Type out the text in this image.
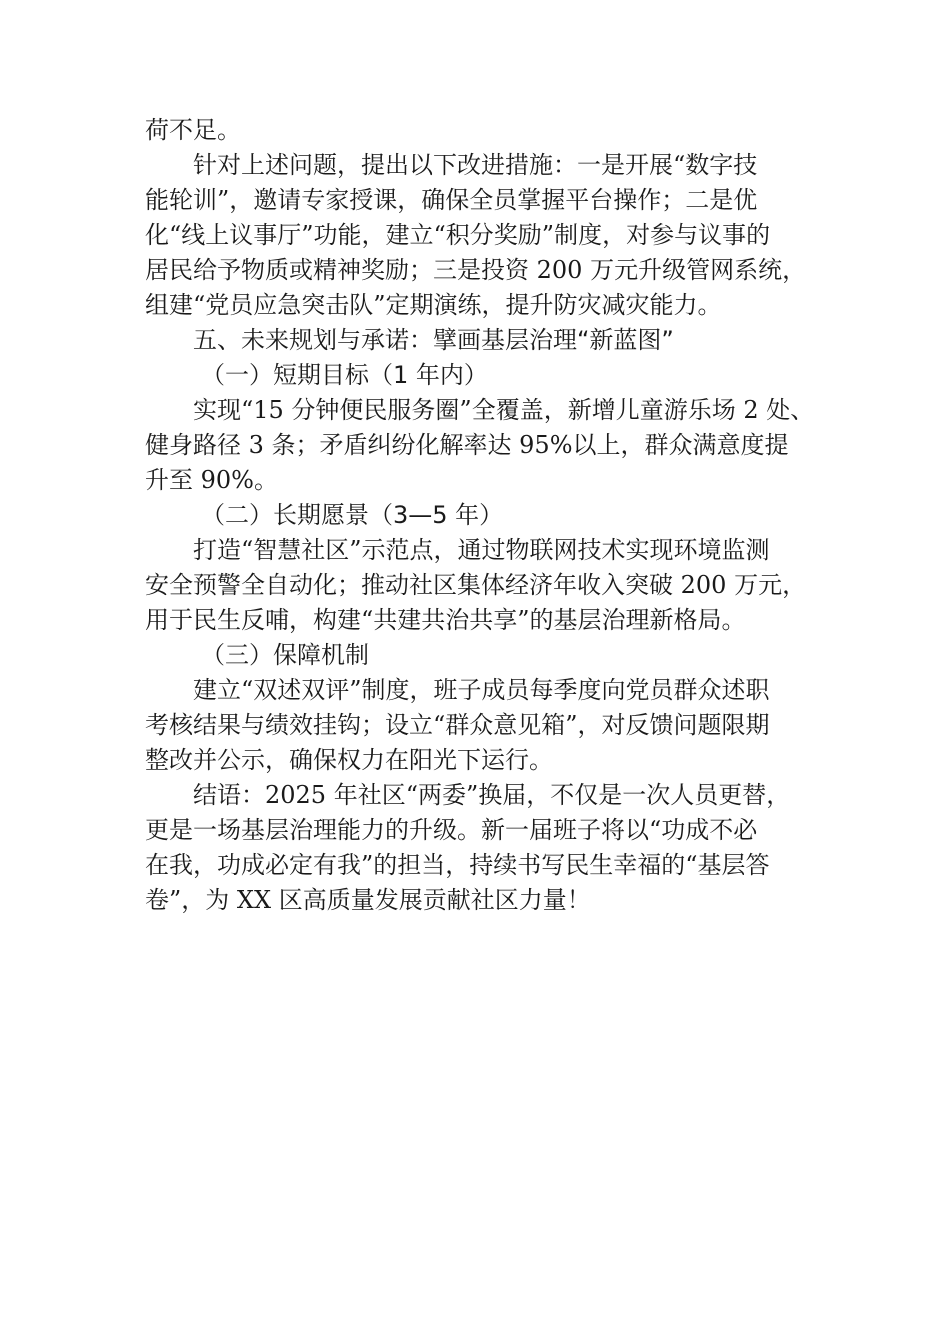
荷不足。

针对上述问题，提出以下改进措施：一是开展“数字技
能轮训”，邀请专家授课，确保全员掌握平台操作；二是优
化“线上议事厅”功能，建立“积分奖励”制度，对参与议事的
居民给予物质或精神奖励；三是投资 200 万元升级管网系统，
组建“党员应急突击队”定期演练，提升防灾减灾能力。

五、未来规划与承诺：擘画基层治理“新蓝图”

（一）短期目标（1 年内）

实现“15 分钟便民服务圈”全覆盖，新增儿童游乐场 2 处、
健身路径 3 条；矛盾纠纷化解率达 95%以上，群众满意度提
升至 90%。

（二）长期愿景（3—5 年）

打造“智慧社区”示范点，通过物联网技术实现环境监测
安全预警全自动化；推动社区集体经济年收入突破 200 万元，
用于民生反哺，构建“共建共治共享”的基层治理新格局。

（三）保障机制

建立“双述双评”制度，班子成员每季度向党员群众述职
考核结果与绩效挂钩；设立“群众意见箱”，对反馈问题限期
整改并公示，确保权力在阳光下运行。

结语：2025 年社区“两委”换届，不仅是一次人员更替，
更是一场基层治理能力的升级。新一届班子将以“功成不必
在我，功成必定有我”的担当，持续书写民生幸福的“基层答
卷”，为 XX 区高质量发展贡献社区力量！
